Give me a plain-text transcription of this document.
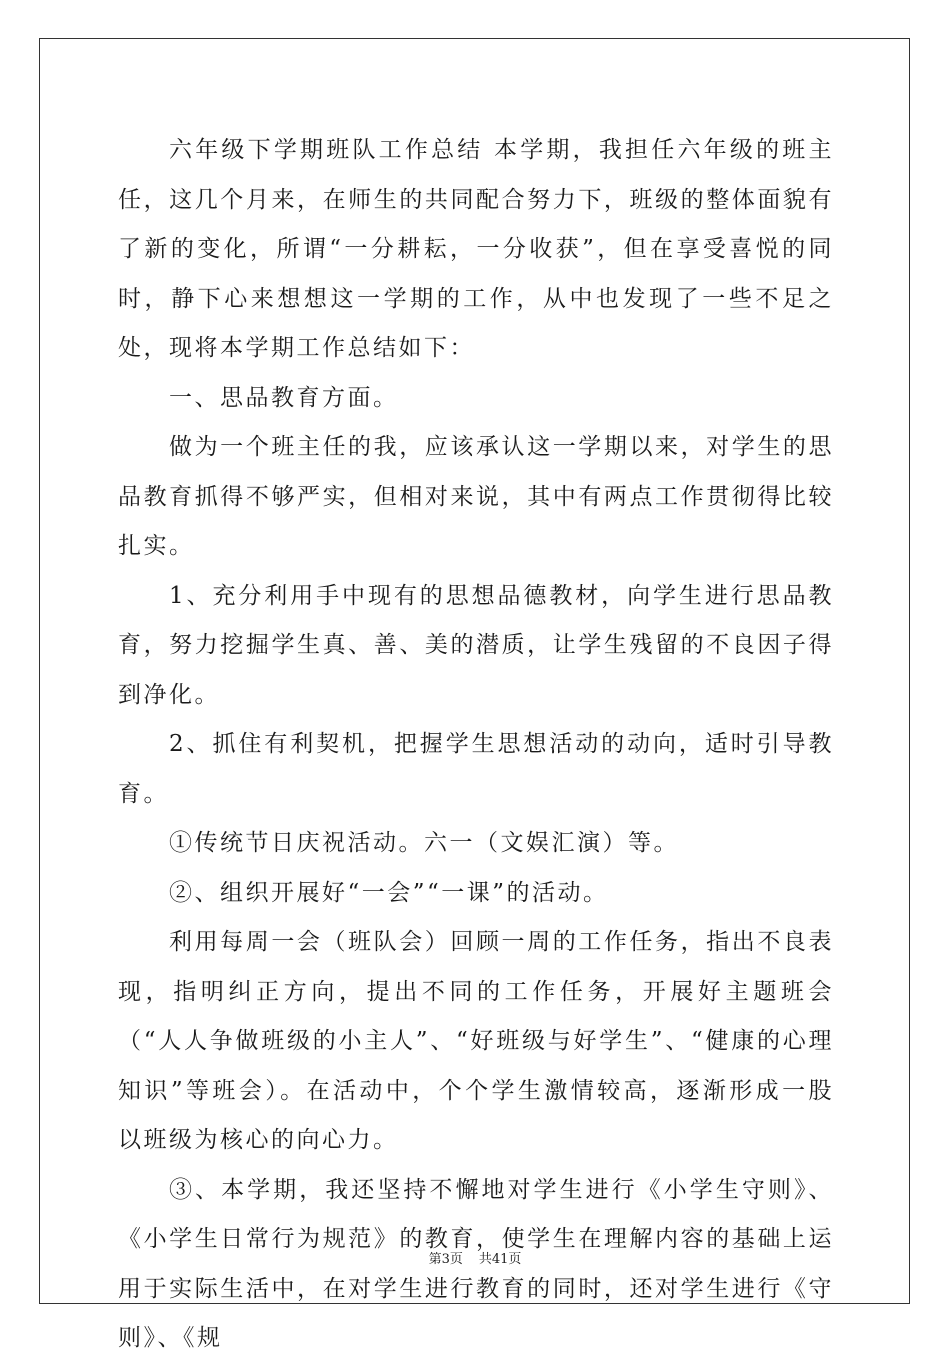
六年级下学期班队工作总结 本学期，我担任六年级的班主任，这几个月来，在师生的共同配合努力下，班级的整体面貌有了新的变化，所谓“一分耕耘，一分收获”，但在享受喜悦的同时，静下心来想想这一学期的工作，从中也发现了一些不足之处，现将本学期工作总结如下：

一、思品教育方面。

做为一个班主任的我，应该承认这一学期以来，对学生的思品教育抓得不够严实，但相对来说，其中有两点工作贯彻得比较扎实。

1、充分利用手中现有的思想品德教材，向学生进行思品教育，努力挖掘学生真、善、美的潜质，让学生残留的不良因子得到净化。

2、抓住有利契机，把握学生思想活动的动向，适时引导教育。

①传统节日庆祝活动。六一（文娱汇演）等。

②、组织开展好“一会”“一课”的活动。

利用每周一会（班队会）回顾一周的工作任务，指出不良表现，指明纠正方向，提出不同的工作任务，开展好主题班会（“人人争做班级的小主人”、“好班级与好学生”、“健康的心理知识”等班会）。在活动中，个个学生激情较高，逐渐形成一股以班级为核心的向心力。

③、本学期，我还坚持不懈地对学生进行《小学生守则》、《小学生日常行为规范》的教育，使学生在理解内容的基础上运用于实际生活中，在对学生进行教育的同时，还对学生进行《守则》、《规

第3页 共41页
